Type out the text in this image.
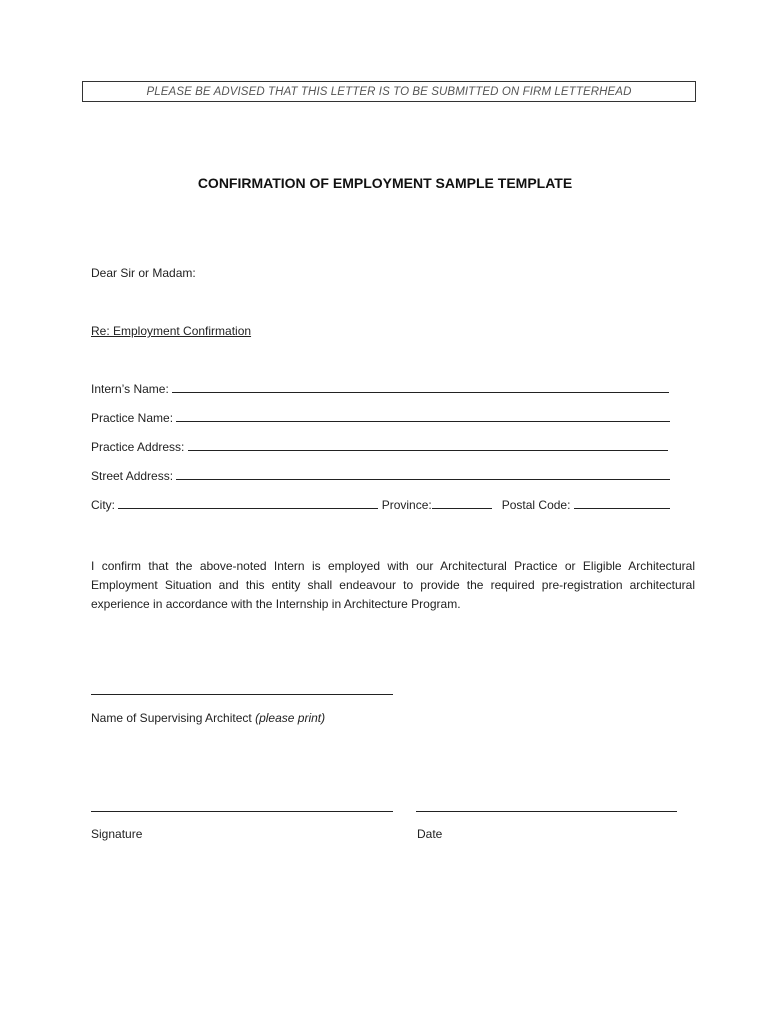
PLEASE BE ADVISED THAT THIS LETTER IS TO BE SUBMITTED ON FIRM LETTERHEAD
CONFIRMATION OF EMPLOYMENT SAMPLE TEMPLATE
Dear Sir or Madam:
Re: Employment Confirmation
Intern’s Name:
Practice Name:
Practice Address:
Street Address:
City:	Province:	Postal Code:
I confirm that the above-noted Intern is employed with our Architectural Practice or Eligible Architectural
Employment Situation and this entity shall endeavour to provide the required pre-registration architectural
experience in accordance with the Internship in Architecture Program.
Name of Supervising Architect (please print)
Signature	Date
